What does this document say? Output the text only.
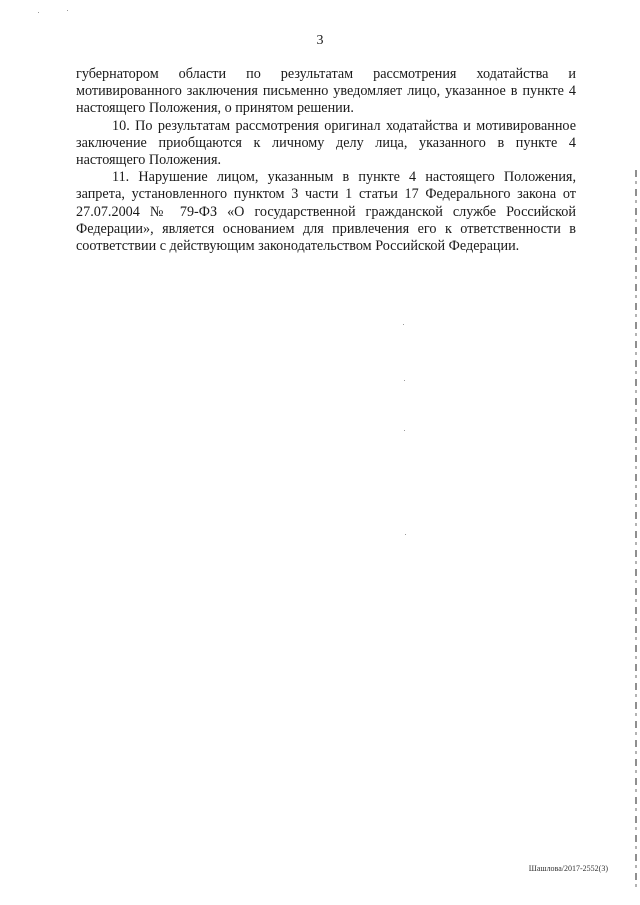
3

губернатором области по результатам рассмотрения ходатайства и мотивированного заключения письменно уведомляет лицо, указанное в пункте 4 настоящего Положения, о принятом решении.

10. По результатам рассмотрения оригинал ходатайства и мотивированное заключение приобщаются к личному делу лица, указанного в пункте 4 настоящего Положения.

11. Нарушение лицом, указанным в пункте 4 настоящего Положения, запрета, установленного пунктом 3 части 1 статьи 17 Федерального закона от 27.07.2004 № 79-ФЗ «О государственной гражданской службе Российской Федерации», является основанием для привлечения его к ответственности в соответствии с действующим законодательством Российской Федерации.

Шашлова/2017-2552(3)
